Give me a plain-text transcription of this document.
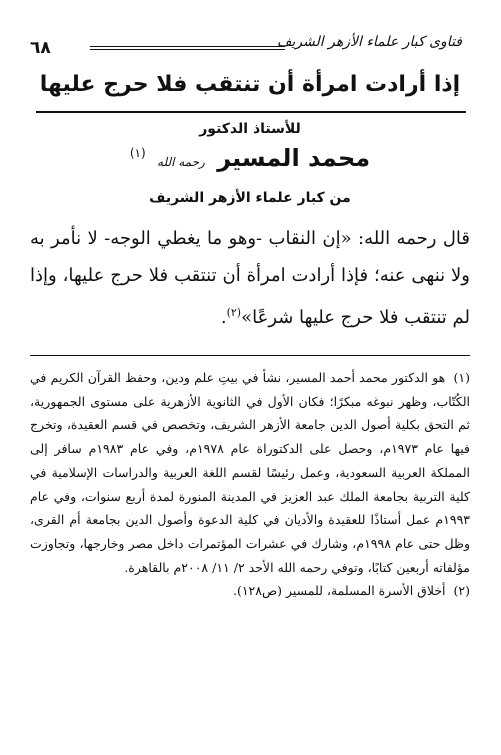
٦٨	فتاوى كبار علماء الأزهر الشريف
إذا أرادت امرأة أن تنتقب فلا حرج عليها
للأستاذ الدكتور
محمد المسير رحمه الله $^{(١)}$
من كبار علماء الأزهر الشريف

قال رحمه الله: «إن النقاب -وهو ما يغطي الوجه- لا نأمر به ولا ننهى عنه؛ فإذا أرادت امرأة أن تنتقب فلا حرج عليها، وإذا لم تنتقب فلا حرج عليها شرعًا»$^{(٢)}$.

(١) هو الدكتور محمد أحمد المسير، نشأ في بيتِ علم ودين، وحفظ القرآن الكريم في الكُتّاب، وظهر نبوغه مبكرًا؛ فكان الأول في الثانوية الأزهرية على مستوى الجمهورية، ثم التحق بكلية أصول الدين جامعة الأزهر الشريف، وتخصص في قسم العقيدة، وتخرج فيها عام ١٩٧٣م، وحصل على الدكتوراة عام ١٩٧٨م، وفي عام ١٩٨٣م سافر إلى المملكة العربية السعودية، وعمل رئيسًا لقسم اللغة العربية والدراسات الإسلامية في كلية التربية بجامعة الملك عبد العزيز في المدينة المنورة لمدة أربع سنوات، وفي عام ١٩٩٣م عمل أستاذًا للعقيدة والأديان في كلية الدعوة وأصول الدين بجامعة أم القرى، وظل حتى عام ١٩٩٨م، وشارك في عشرات المؤتمرات داخل مصر وخارجها، وتجاوزت مؤلفاته أربعين كتابًا، وتوفي رحمه الله الأحد ٢/ ١١/ ٢٠٠٨م بالقاهرة.

(٢) أخلاق الأسرة المسلمة، للمسير (ص١٢٨).
